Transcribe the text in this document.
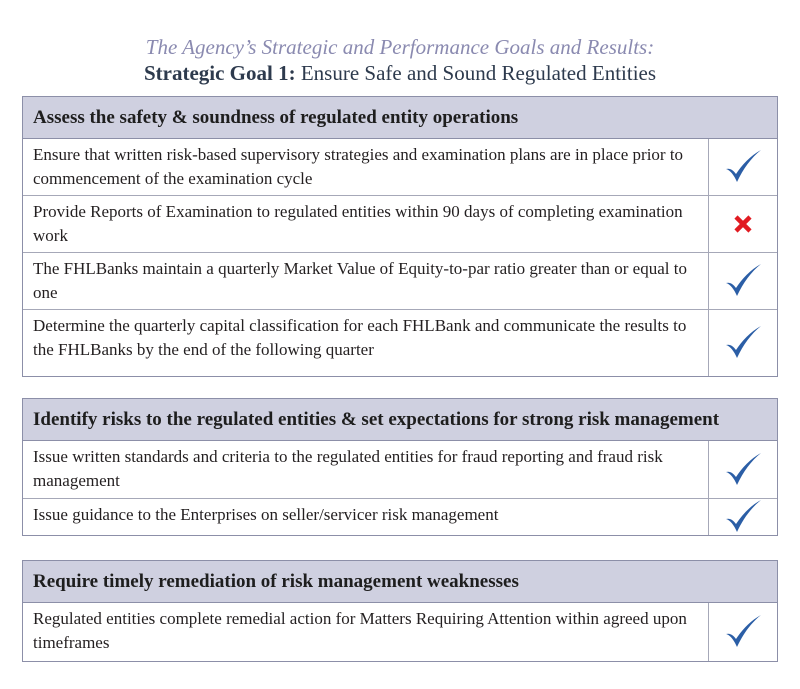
The Agency’s Strategic and Performance Goals and Results:
Strategic Goal 1: Ensure Safe and Sound Regulated Entities
Assess the safety & soundness of regulated entity operations
Ensure that written risk-based supervisory strategies and examination plans are in place prior to commencement of the examination cycle
Provide Reports of Examination to regulated entities within 90 days of completing examination work
The FHLBanks maintain a quarterly Market Value of Equity-to-par ratio greater than or equal to one
Determine the quarterly capital classification for each FHLBank and communicate the results to the FHLBanks by the end of the following quarter
Identify risks to the regulated entities & set expectations for strong risk management
Issue written standards and criteria to the regulated entities for fraud reporting and fraud risk management
Issue guidance to the Enterprises on seller/servicer risk management
Require timely remediation of risk management weaknesses
Regulated entities complete remedial action for Matters Requiring Attention within agreed upon timeframes
